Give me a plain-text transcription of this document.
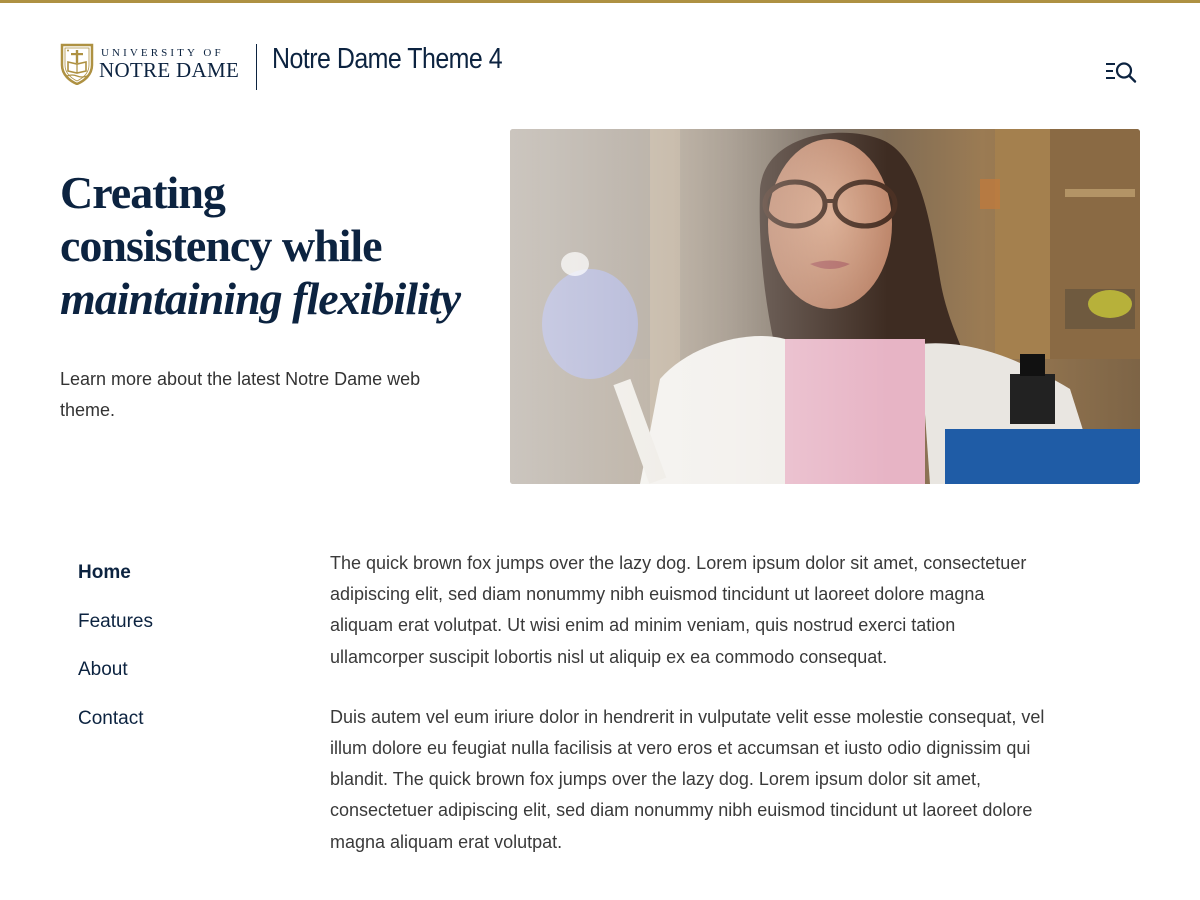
UNIVERSITY OF
NOTRE DAME Notre Dame Theme 4
Creating
consistency while
maintaining flexibility

Learn more about the latest Notre Dame web theme.

Home
Features
About
Contact

The quick brown fox jumps over the lazy dog. Lorem ipsum dolor sit amet, consectetuer adipiscing elit, sed diam nonummy nibh euismod tincidunt ut laoreet dolore magna aliquam erat volutpat. Ut wisi enim ad minim veniam, quis nostrud exerci tation ullamcorper suscipit lobortis nisl ut aliquip ex ea commodo consequat.

Duis autem vel eum iriure dolor in hendrerit in vulputate velit esse molestie consequat, vel illum dolore eu feugiat nulla facilisis at vero eros et accumsan et iusto odio dignissim qui blandit. The quick brown fox jumps over the lazy dog. Lorem ipsum dolor sit amet, consectetuer adipiscing elit, sed diam nonummy nibh euismod tincidunt ut laoreet dolore magna aliquam erat volutpat.
